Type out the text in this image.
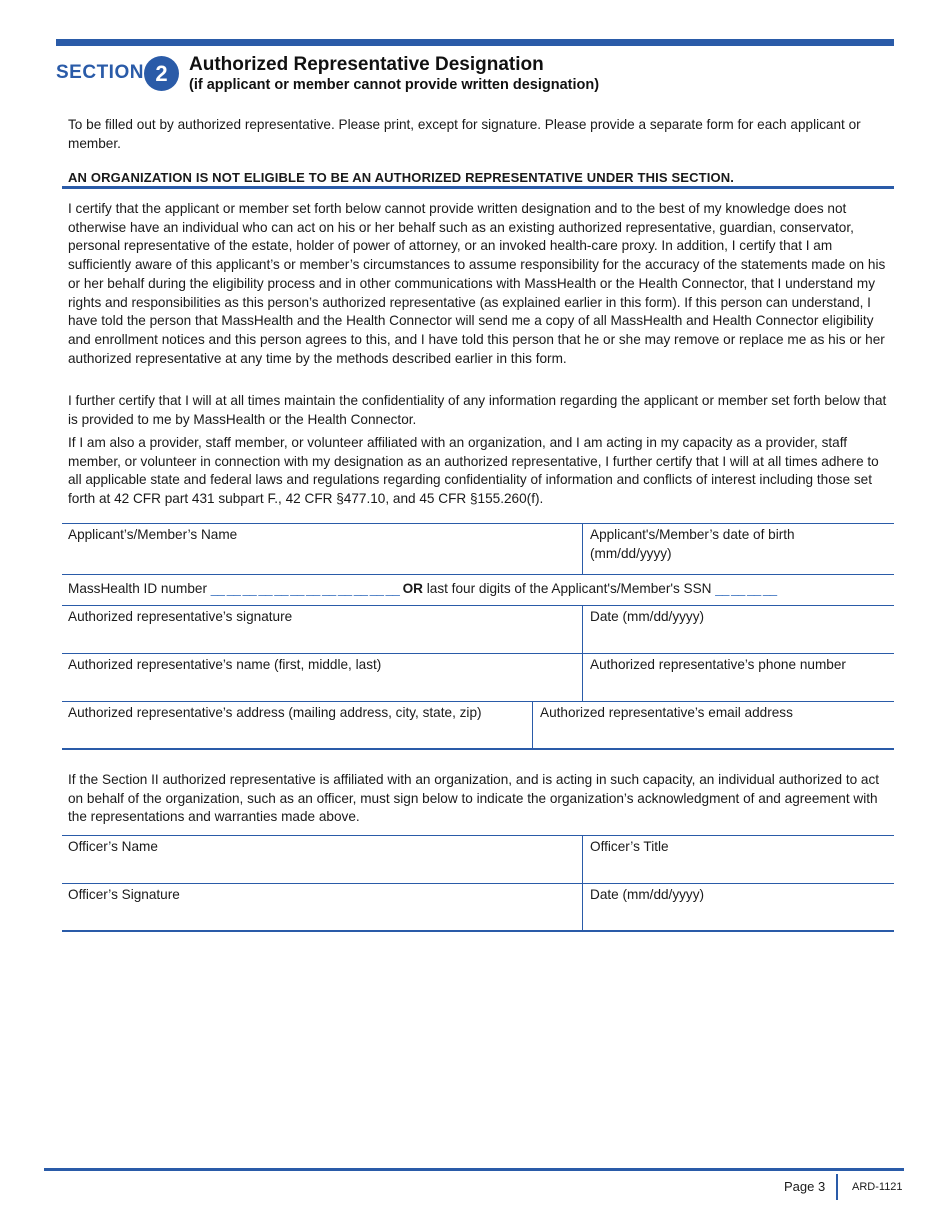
SECTION 2	Authorized Representative Designation
(if applicant or member cannot provide written designation)

To be filled out by authorized representative. Please print, except for signature. Please provide a separate form for each applicant or member.

AN ORGANIZATION IS NOT ELIGIBLE TO BE AN AUTHORIZED REPRESENTATIVE UNDER THIS SECTION.

I certify that the applicant or member set forth below cannot provide written designation and to the best of my knowledge does not otherwise have an individual who can act on his or her behalf such as an existing authorized representative, guardian, conservator, personal representative of the estate, holder of power of attorney, or an invoked health-care proxy. In addition, I certify that I am sufficiently aware of this applicant’s or member’s circumstances to assume responsibility for the accuracy of the statements made on his or her behalf during the eligibility process and in other communications with MassHealth or the Health Connector, that I understand my rights and responsibilities as this person’s authorized representative (as explained earlier in this form). If this person can understand, I have told the person that MassHealth and the Health Connector will send me a copy of all MassHealth and Health Connector eligibility and enrollment notices and this person agrees to this, and I have told this person that he or she may remove or replace me as his or her authorized representative at any time by the methods described earlier in this form.

I further certify that I will at all times maintain the confidentiality of any information regarding the applicant or member set forth below that is provided to me by MassHealth or the Health Connector.

If I am also a provider, staff member, or volunteer affiliated with an organization, and I am acting in my capacity as a provider, staff member, or volunteer in connection with my designation as an authorized representative, I further certify that I will at all times adhere to all applicable state and federal laws and regulations regarding confidentiality of information and conflicts of interest including those set forth at 42 CFR part 431 subpart F., 42 CFR §477.10, and 45 CFR §155.260(f).

Applicant’s/Member’s Name	Applicant's/Member’s date of birth
(mm/dd/yyyy)
MassHealth ID number __ __ __ __ __ __ __ __ __ __ __ __ OR last four digits of the Applicant's/Member's SSN __ __ __ __
Authorized representative’s signature	Date (mm/dd/yyyy)
Authorized representative’s name (first, middle, last)	Authorized representative’s phone number
Authorized representative’s address (mailing address, city, state, zip)	Authorized representative’s email address

If the Section II authorized representative is affiliated with an organization, and is acting in such capacity, an individual authorized to act on behalf of the organization, such as an officer, must sign below to indicate the organization’s acknowledgment of and agreement with the representations and warranties made above.

Officer’s Name	Officer’s Title
Officer’s Signature	Date (mm/dd/yyyy)
Page 3 ARD-1121
